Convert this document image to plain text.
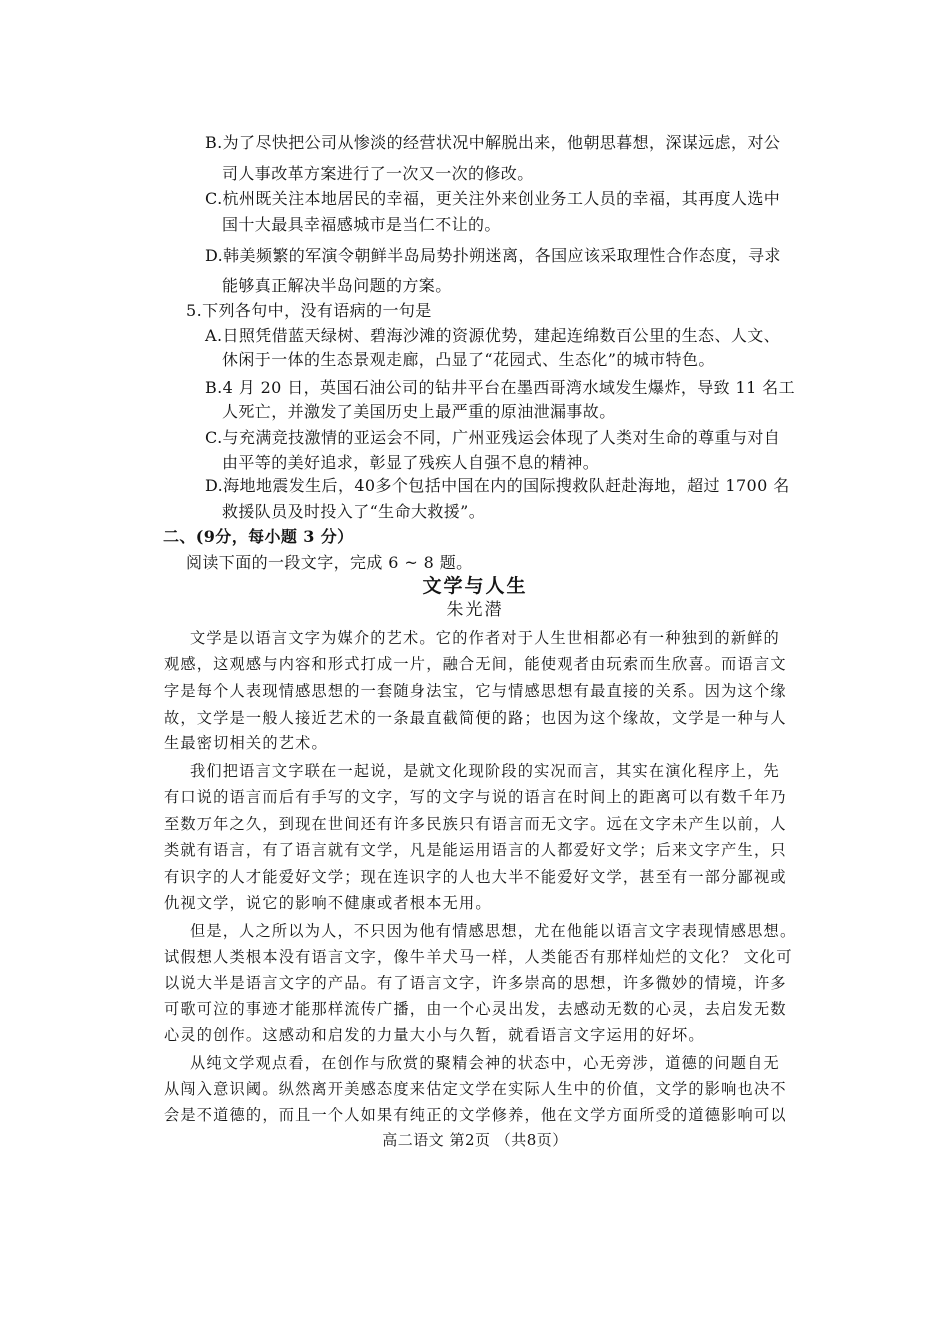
B.为了尽快把公司从惨淡的经营状况中解脱出来，他朝思暮想，深谋远虑，对公
司人事改革方案进行了一次又一次的修改。
C.杭州既关注本地居民的幸福，更关注外来创业务工人员的幸福，其再度人选中
国十大最具幸福感城市是当仁不让的。
D.韩美频繁的军演令朝鲜半岛局势扑朔迷离，各国应该采取理性合作态度，寻求
能够真正解决半岛问题的方案。
5.下列各句中，没有语病的一句是
A.日照凭借蓝天绿树、碧海沙滩的资源优势，建起连绵数百公里的生态、人文、
休闲于一体的生态景观走廊，凸显了“花园式、生态化”的城市特色。
B.4 月 20 日，英国石油公司的钻井平台在墨西哥湾水域发生爆炸，导致 11 名工
人死亡，并激发了美国历史上最严重的原油泄漏事故。
C.与充满竞技激情的亚运会不同，广州亚残运会体现了人类对生命的尊重与对自
由平等的美好追求，彰显了残疾人自强不息的精神。
D.海地地震发生后，40多个包括中国在内的国际搜救队赶赴海地，超过 1700 名
救援队员及时投入了“生命大救援”。
二、(9分，每小题 3 分）
阅读下面的一段文字，完成 6 ~ 8 题。
文学与人生
朱光潜
文学是以语言文字为媒介的艺术。它的作者对于人生世相都必有一种独到的新鲜的
观感，这观感与内容和形式打成一片，融合无间，能使观者由玩索而生欣喜。而语言文
字是每个人表现情感思想的一套随身法宝，它与情感思想有最直接的关系。因为这个缘
故，文学是一般人接近艺术的一条最直截简便的路；也因为这个缘故，文学是一种与人
生最密切相关的艺术。
我们把语言文字联在一起说，是就文化现阶段的实况而言，其实在演化程序上，先
有口说的语言而后有手写的文字，写的文字与说的语言在时间上的距离可以有数千年乃
至数万年之久，到现在世间还有许多民族只有语言而无文字。远在文字未产生以前，人
类就有语言，有了语言就有文学，凡是能运用语言的人都爱好文学；后来文字产生，只
有识字的人才能爱好文学；现在连识字的人也大半不能爱好文学，甚至有一部分鄙视或
仇视文学，说它的影响不健康或者根本无用。
但是，人之所以为人，不只因为他有情感思想，尤在他能以语言文字表现情感思想。
试假想人类根本没有语言文字，像牛羊犬马一样，人类能否有那样灿烂的文化？ 文化可
以说大半是语言文字的产品。有了语言文字，许多崇高的思想，许多微妙的情境，许多
可歌可泣的事迹才能那样流传广播，由一个心灵出发，去感动无数的心灵，去启发无数
心灵的创作。这感动和启发的力量大小与久暂，就看语言文字运用的好坏。
从纯文学观点看，在创作与欣赏的聚精会神的状态中，心无旁涉，道德的问题自无
从闯入意识阈。纵然离开美感态度来估定文学在实际人生中的价值，文学的影响也决不
会是不道德的，而且一个人如果有纯正的文学修养，他在文学方面所受的道德影响可以
高二语文 第2页 （共8页）
